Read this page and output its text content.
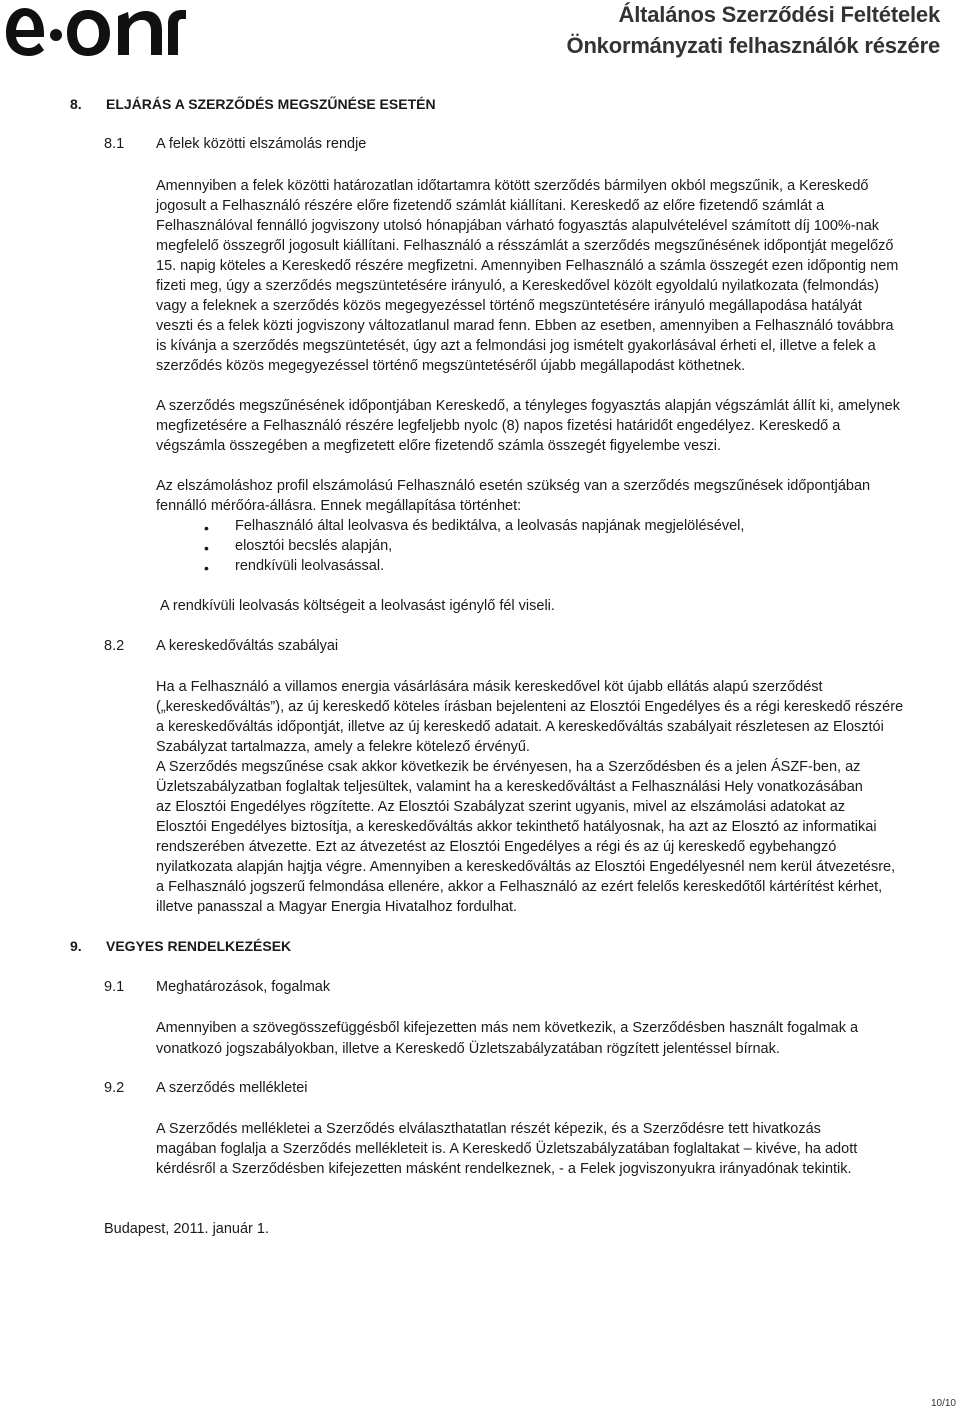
Általános Szerződési Feltételek
Önkormányzati felhasználók részére
8. ELJÁRÁS A SZERZŐDÉS MEGSZŰNÉSE ESETÉN
8.1 A felek közötti elszámolás rendje
Amennyiben a felek közötti határozatlan időtartamra kötött szerződés bármilyen okból megszűnik, a Kereskedő
jogosult a Felhasználó részére előre fizetendő számlát kiállítani. Kereskedő az előre fizetendő számlát a
Felhasználóval fennálló jogviszony utolsó hónapjában várható fogyasztás alapulvételével számított díj 100%-nak
megfelelő összegről jogosult kiállítani. Felhasználó a résszámlát a szerződés megszűnésének időpontját megelőző
15. napig köteles a Kereskedő részére megfizetni. Amennyiben Felhasználó a számla összegét ezen időpontig nem
fizeti meg, úgy a szerződés megszüntetésére irányuló, a Kereskedővel közölt egyoldalú nyilatkozata (felmondás)
vagy a feleknek a szerződés közös megegyezéssel történő megszüntetésére irányuló megállapodása hatályát
veszti és a felek közti jogviszony változatlanul marad fenn. Ebben az esetben, amennyiben a Felhasználó továbbra
is kívánja a szerződés megszüntetését, úgy azt a felmondási jog ismételt gyakorlásával érheti el, illetve a felek a
szerződés közös megegyezéssel történő megszüntetéséről újabb megállapodást köthetnek.
A szerződés megszűnésének időpontjában Kereskedő, a tényleges fogyasztás alapján végszámlát állít ki, amelynek
megfizetésére a Felhasználó részére legfeljebb nyolc (8) napos fizetési határidőt engedélyez. Kereskedő a
végszámla összegében a megfizetett előre fizetendő számla összegét figyelembe veszi.
Az elszámoláshoz profil elszámolású Felhasználó esetén szükség van a szerződés megszűnések időpontjában
fennálló mérőóra-állásra. Ennek megállapítása történhet:
• Felhasználó által leolvasva és bediktálva, a leolvasás napjának megjelölésével,
• elosztói becslés alapján,
• rendkívüli leolvasással.
A rendkívüli leolvasás költségeit a leolvasást igénylő fél viseli.
8.2 A kereskedőváltás szabályai
Ha a Felhasználó a villamos energia vásárlására másik kereskedővel köt újabb ellátás alapú szerződést
(„kereskedőváltás”), az új kereskedő köteles írásban bejelenteni az Elosztói Engedélyes és a régi kereskedő részére
a kereskedőváltás időpontját, illetve az új kereskedő adatait. A kereskedőváltás szabályait részletesen az Elosztói
Szabályzat tartalmazza, amely a felekre kötelező érvényű.
A Szerződés megszűnése csak akkor következik be érvényesen, ha a Szerződésben és a jelen ÁSZF-ben, az
Üzletszabályzatban foglaltak teljesültek, valamint ha a kereskedőváltást a Felhasználási Hely vonatkozásában
az Elosztói Engedélyes rögzítette. Az Elosztói Szabályzat szerint ugyanis, mivel az elszámolási adatokat az
Elosztói Engedélyes biztosítja, a kereskedőváltás akkor tekinthető hatályosnak, ha azt az Elosztó az informatikai
rendszerében átvezette. Ezt az átvezetést az Elosztói Engedélyes a régi és az új kereskedő egybehangzó
nyilatkozata alapján hajtja végre. Amennyiben a kereskedőváltás az Elosztói Engedélyesnél nem kerül átvezetésre,
a Felhasználó jogszerű felmondása ellenére, akkor a Felhasználó az ezért felelős kereskedőtől kártérítést kérhet,
illetve panasszal a Magyar Energia Hivatalhoz fordulhat.
9. VEGYES RENDELKEZÉSEK
9.1 Meghatározások, fogalmak
Amennyiben a szövegösszefüggésből kifejezetten más nem következik, a Szerződésben használt fogalmak a
vonatkozó jogszabályokban, illetve a Kereskedő Üzletszabályzatában rögzített jelentéssel bírnak.
9.2 A szerződés mellékletei
A Szerződés mellékletei a Szerződés elválaszthatatlan részét képezik, és a Szerződésre tett hivatkozás
magában foglalja a Szerződés mellékleteit is. A Kereskedő Üzletszabályzatában foglaltakat – kivéve, ha adott
kérdésről a Szerződésben kifejezetten másként rendelkeznek, - a Felek jogviszonyukra irányadónak tekintik.
Budapest, 2011. január 1.
10/10
